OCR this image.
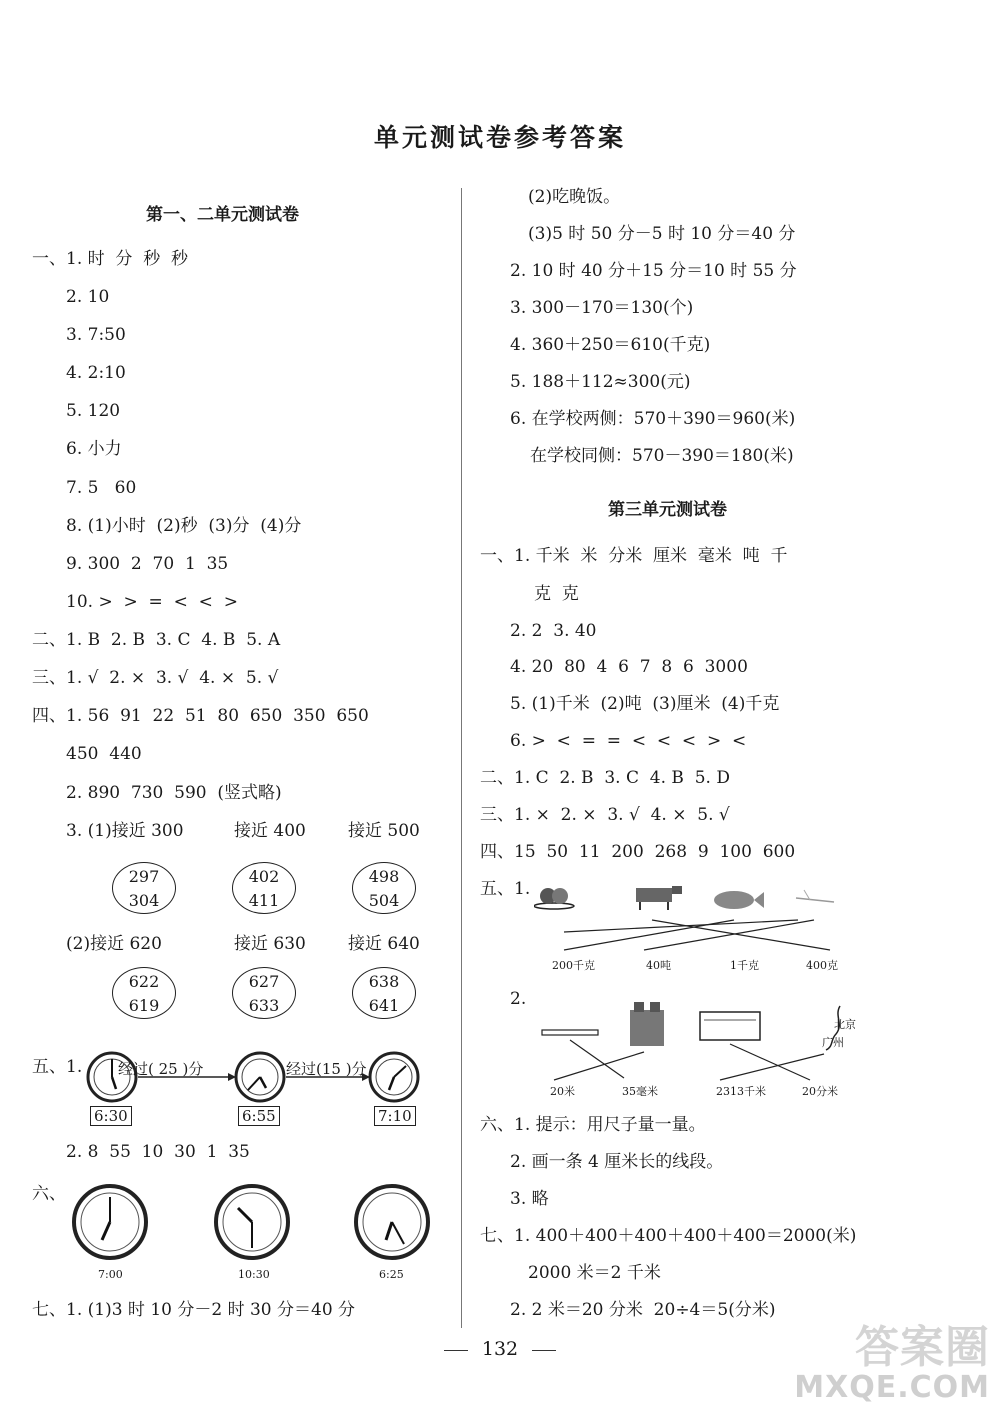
单元测试卷参考答案
第一、二单元测试卷
一、1. 时  分  秒  秒
2. 10
3. 7:50
4. 2:10
5. 120
6. 小力
7. 5   60
8. (1)小时  (2)秒  (3)分  (4)分
9. 300  2  70  1  35
10. >  >  =  <  <  >
二、1. B  2. B  3. C  4. B  5. A
三、1. √  2. ×  3. √  4. ×  5. √
四、1. 56  91  22  51  80  650  350  650
450  440
2. 890  730  590  (竖式略)
3. (1)接近 300	接近 400 接近 500
297
304
402
411
498
504
(2)接近 620	接近 630 接近 640
622
619
627
633
638
641
五、1. 经过( 25 )分	经过(15 )分
6:30	6:55	7:10
2. 8  55  10  30  1  35
六、
7:00	10:30	6:25
七、1. (1)3 时 10 分－2 时 30 分＝40 分
(2)吃晚饭。
(3)5 时 50 分－5 时 10 分＝40 分
2. 10 时 40 分＋15 分＝10 时 55 分
3. 300－170＝130(个)
4. 360＋250＝610(千克)
5. 188＋112≈300(元)
6. 在学校两侧：570＋390＝960(米)
在学校同侧：570－390＝180(米)
第三单元测试卷
一、1. 千米  米  分米  厘米  毫米  吨  千
克  克
2. 2  3. 40
4. 20  80  4  6  7  8  6  3000
5. (1)千米  (2)吨  (3)厘米  (4)千克
6. >  <  =  =  <  <  <  >  <
二、1. C  2. B  3. C  4. B  5. D
三、1. ×  2. ×  3. √  4. ×  5. √
四、15  50  11  200  268  9  100  600
五、1.
200千克	40吨	1千克	400克
2.
北京
广州
20米	35毫米	2313千米	20分米
六、1. 提示：用尺子量一量。
2. 画一条 4 厘米长的线段。
3. 略
七、1. 400＋400＋400＋400＋400＝2000(米)
2000 米＝2 千米
2. 2 米＝20 分米  20÷4＝5(分米)
132	答案圈
MXQE.COM
